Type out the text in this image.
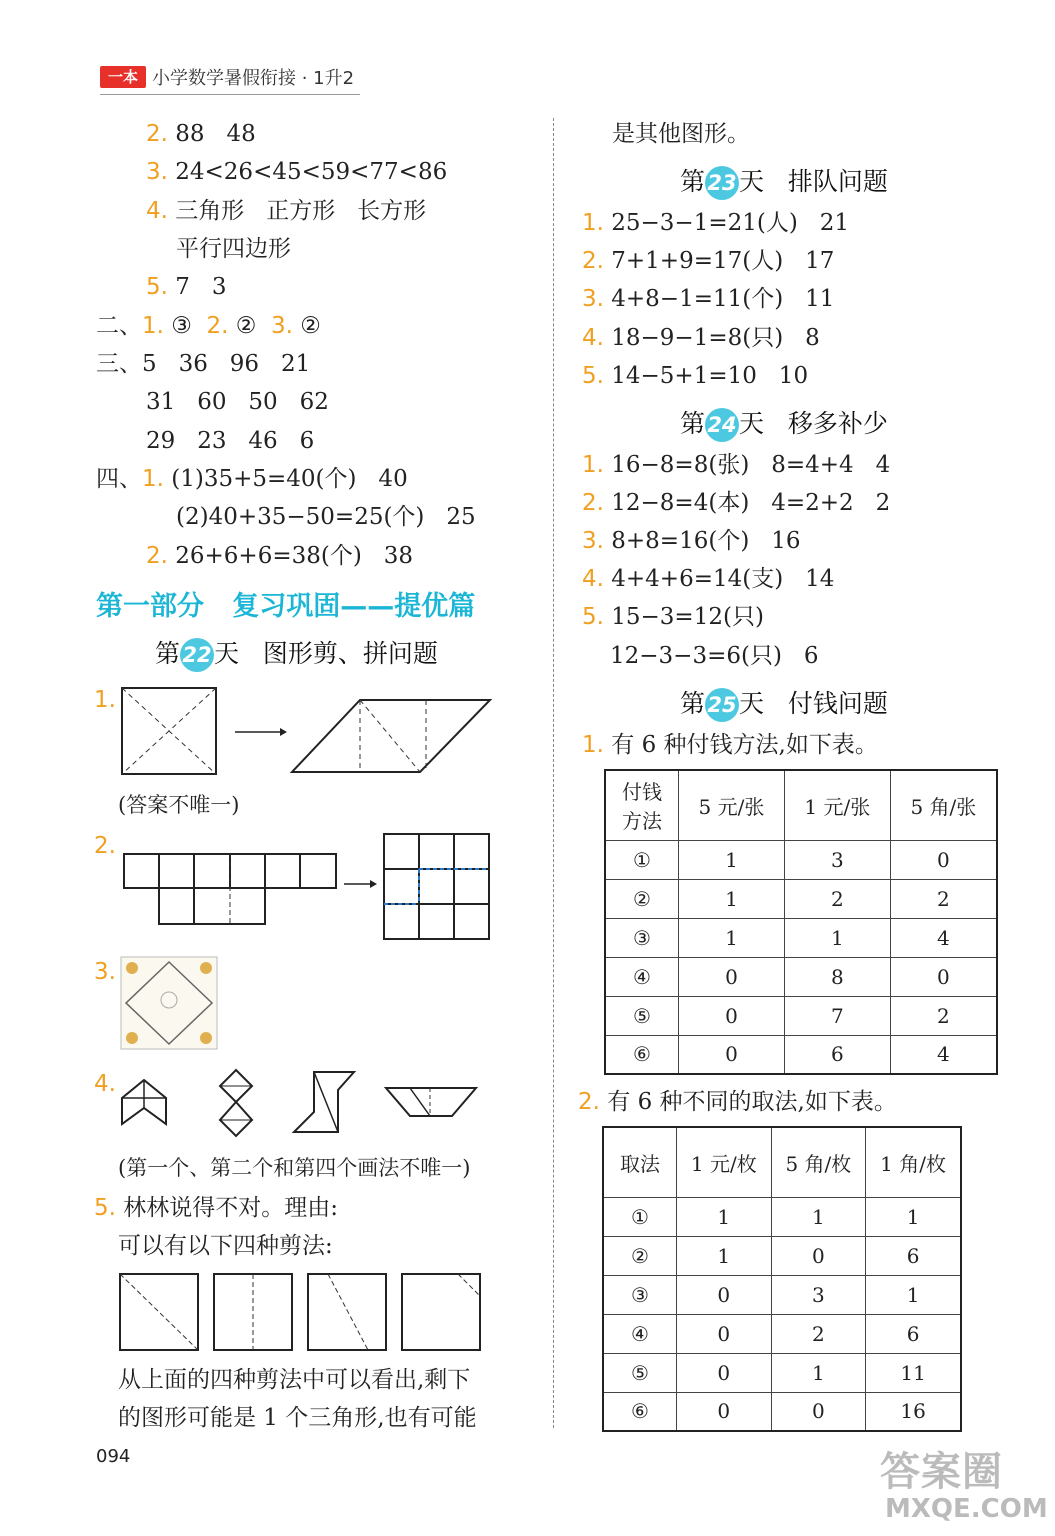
一本 小学数学暑假衔接 · 1升2
2. 88   48
3. 24<26<45<59<77<86
4. 三角形   正方形   长方形
平行四边形
5. 7   3
二、1. ③  2. ②  3. ②
三、5   36   96   21
31   60   50   62
29   23   46   6
四、1. (1)35+5=40(个)   40
(2)40+35−50=25(个)   25
2. 26+6+6=38(个)   38
第一部分   复习巩固——提优篇
第 22天   图形剪、拼问题
1.
(答案不唯一)
2.
3.
4.
(第一个、第二个和第四个画法不唯一)
5. 林林说得不对。理由:
可以有以下四种剪法:
从上面的四种剪法中可以看出,剩下
的图形可能是 1 个三角形,也有可能
是其他图形。
第 23天   排队问题
1. 25−3−1=21(人)   21
2. 7+1+9=17(人)   17
3. 4+8−1=11(个)   11
4. 18−9−1=8(只)   8
5. 14−5+1=10   10
第 24天   移多补少
1. 16−8=8(张)   8=4+4   4
2. 12−8=4(本)   4=2+2   2
3. 8+8=16(个)   16
4. 4+4+6=14(支)   14
5. 15−3=12(只)
12−3−3=6(只)   6
第 25天   付钱问题
1. 有 6 种付钱方法,如下表。
付钱
方法	5 元/张	1 元/张	5 角/张
①	1	3	0
②	1	2	2
③	1	1	4
④	0	8	0
⑤	0	7	2
⑥	0	6	4
2. 有 6 种不同的取法,如下表。
取法	1 元/枚	5 角/枚	1 角/枚
①	1	1	1
②	1	0	6
③	0	3	1
④	0	2	6
⑤	0	1	11
⑥	0	0	16
094	答案圈
MXQE.COM
